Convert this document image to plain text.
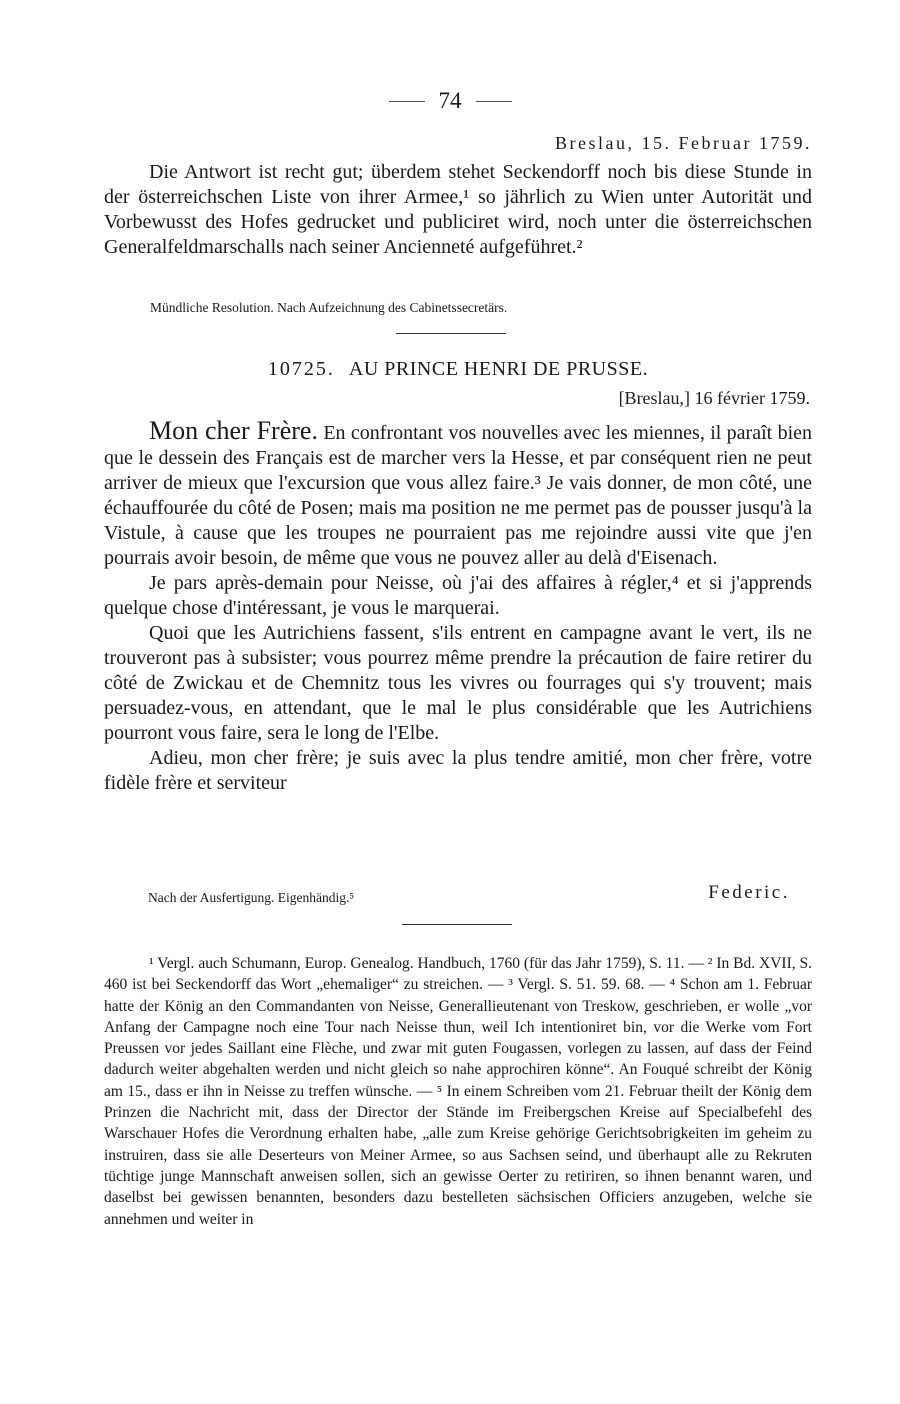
74
Breslau, 15. Februar 1759.

Die Antwort ist recht gut; überdem stehet Seckendorff noch bis diese Stunde in der österreichschen Liste von ihrer Armee,¹ so jährlich zu Wien unter Autorität und Vorbewusst des Hofes gedrucket und publiciret wird, noch unter die österreichschen Generalfeldmarschalls nach seiner Ancienneté aufgeführet.²

Mündliche Resolution. Nach Aufzeichnung des Cabinetssecretärs.
10725. AU PRINCE HENRI DE PRUSSE.
[Breslau,] 16 février 1759.

Mon cher Frère. En confrontant vos nouvelles avec les miennes, il paraît bien que le dessein des Français est de marcher vers la Hesse, et par conséquent rien ne peut arriver de mieux que l'excursion que vous allez faire.³ Je vais donner, de mon côté, une échauffourée du côté de Posen; mais ma position ne me permet pas de pousser jusqu'à la Vistule, à cause que les troupes ne pourraient pas me rejoindre aussi vite que j'en pourrais avoir besoin, de même que vous ne pouvez aller au delà d'Eisenach.

Je pars après-demain pour Neisse, où j'ai des affaires à régler,⁴ et si j'apprends quelque chose d'intéressant, je vous le marquerai.

Quoi que les Autrichiens fassent, s'ils entrent en campagne avant le vert, ils ne trouveront pas à subsister; vous pourrez même prendre la précaution de faire retirer du côté de Zwickau et de Chemnitz tous les vivres ou fourrages qui s'y trouvent; mais persuadez-vous, en attendant, que le mal le plus considérable que les Autrichiens pourront vous faire, sera le long de l'Elbe.

Adieu, mon cher frère; je suis avec la plus tendre amitié, mon cher frère, votre fidèle frère et serviteur

Nach der Ausfertigung. Eigenhändig.⁵	Federic.

¹ Vergl. auch Schumann, Europ. Genealog. Handbuch, 1760 (für das Jahr 1759), S. 11. — ² In Bd. XVII, S. 460 ist bei Seckendorff das Wort „ehemaliger“ zu streichen. — ³ Vergl. S. 51. 59. 68. — ⁴ Schon am 1. Februar hatte der König an den Commandanten von Neisse, Generallieutenant von Treskow, geschrieben, er wolle „vor Anfang der Campagne noch eine Tour nach Neisse thun, weil Ich intentioniret bin, vor die Werke vom Fort Preussen vor jedes Saillant eine Flèche, und zwar mit guten Fougassen, vorlegen zu lassen, auf dass der Feind dadurch weiter abgehalten werden und nicht gleich so nahe approchiren könne“. An Fouqué schreibt der König am 15., dass er ihn in Neisse zu treffen wünsche. — ⁵ In einem Schreiben vom 21. Februar theilt der König dem Prinzen die Nachricht mit, dass der Director der Stände im Freibergschen Kreise auf Specialbefehl des Warschauer Hofes die Verordnung erhalten habe, „alle zum Kreise gehörige Gerichtsobrigkeiten im geheim zu instruiren, dass sie alle Deserteurs von Meiner Armee, so aus Sachsen seind, und überhaupt alle zu Rekruten tüchtige junge Mannschaft anweisen sollen, sich an gewisse Oerter zu retiriren, so ihnen benannt waren, und daselbst bei gewissen benannten, besonders dazu bestelleten sächsischen Officiers anzugeben, welche sie annehmen und weiter in
